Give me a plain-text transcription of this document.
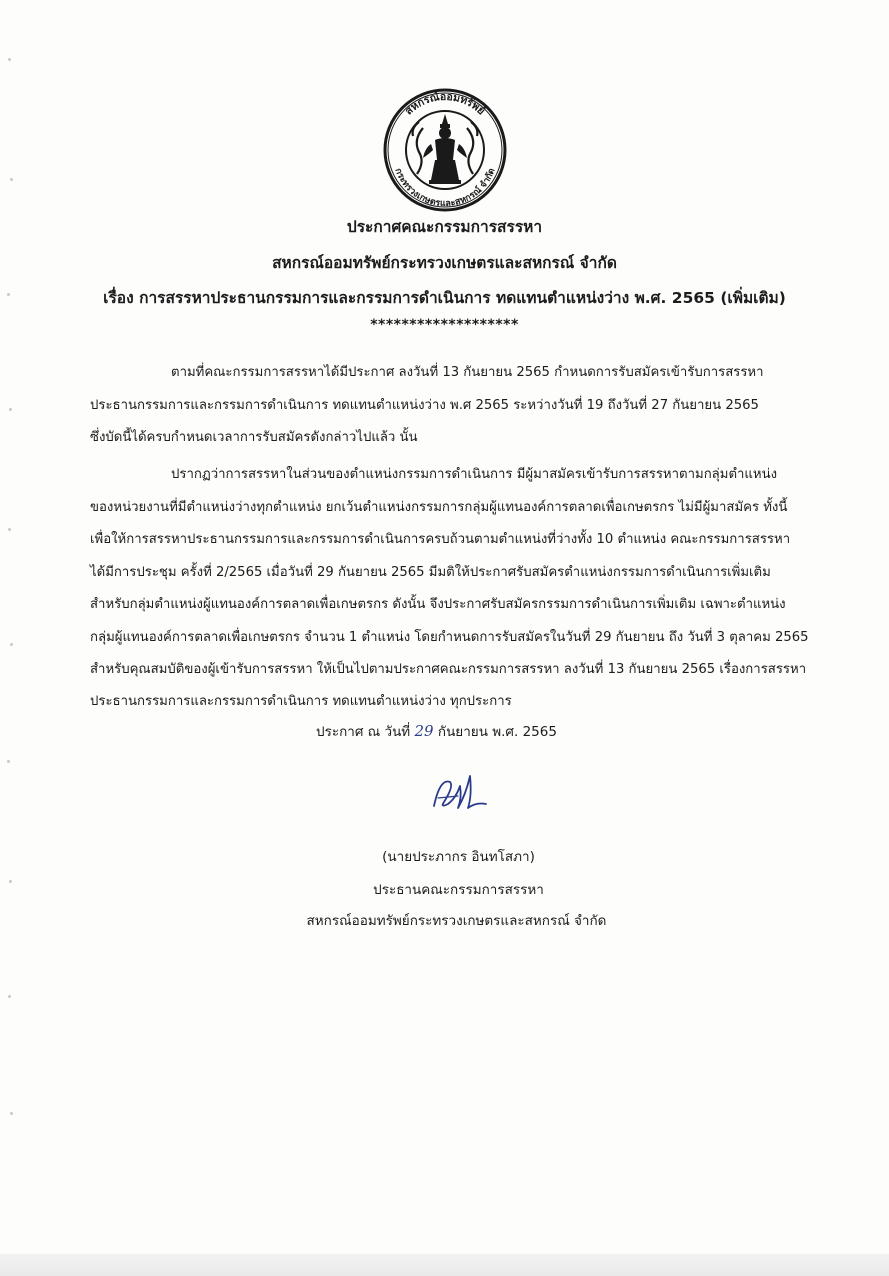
สหกรณ์ออมทรัพย์
กระทรวงเกษตรและสหกรณ์ จำกัด
ประกาศคณะกรรมการสรรหา
สหกรณ์ออมทรัพย์กระทรวงเกษตรและสหกรณ์ จำกัด
เรื่อง การสรรหาประธานกรรมการและกรรมการดำเนินการ ทดแทนตำแหน่งว่าง พ.ศ. 2565 (เพิ่มเติม)
*******************
ตามที่คณะกรรมการสรรหาได้มีประกาศ ลงวันที่ 13 กันยายน 2565 กำหนดการรับสมัครเข้ารับการสรรหา
ประธานกรรมการและกรรมการดำเนินการ ทดแทนตำแหน่งว่าง พ.ศ 2565 ระหว่างวันที่ 19 ถึงวันที่ 27 กันยายน 2565
ซึ่งบัดนี้ได้ครบกำหนดเวลาการรับสมัครดังกล่าวไปแล้ว นั้น
ปรากฏว่าการสรรหาในส่วนของตำแหน่งกรรมการดำเนินการ มีผู้มาสมัครเข้ารับการสรรหาตามกลุ่มตำแหน่ง
ของหน่วยงานที่มีตำแหน่งว่างทุกตำแหน่ง ยกเว้นตำแหน่งกรรมการกลุ่มผู้แทนองค์การตลาดเพื่อเกษตรกร ไม่มีผู้มาสมัคร ทั้งนี้
เพื่อให้การสรรหาประธานกรรมการและกรรมการดำเนินการครบถ้วนตามตำแหน่งที่ว่างทั้ง 10 ตำแหน่ง คณะกรรมการสรรหา
ได้มีการประชุม ครั้งที่ 2/2565 เมื่อวันที่ 29 กันยายน 2565 มีมติให้ประกาศรับสมัครตำแหน่งกรรมการดำเนินการเพิ่มเติม
สำหรับกลุ่มตำแหน่งผู้แทนองค์การตลาดเพื่อเกษตรกร ดังนั้น จึงประกาศรับสมัครกรรมการดำเนินการเพิ่มเติม เฉพาะตำแหน่ง
กลุ่มผู้แทนองค์การตลาดเพื่อเกษตรกร จำนวน 1 ตำแหน่ง โดยกำหนดการรับสมัครในวันที่ 29 กันยายน ถึง วันที่ 3 ตุลาคม 2565
สำหรับคุณสมบัติของผู้เข้ารับการสรรหา ให้เป็นไปตามประกาศคณะกรรมการสรรหา ลงวันที่ 13 กันยายน 2565 เรื่องการสรรหา
ประธานกรรมการและกรรมการดำเนินการ ทดแทนตำแหน่งว่าง ทุกประการ
ประกาศ ณ วันที่ 29 กันยายน พ.ศ. 2565
(นายประภากร อินทโสภา)
ประธานคณะกรรมการสรรหา
สหกรณ์ออมทรัพย์กระทรวงเกษตรและสหกรณ์ จำกัด
